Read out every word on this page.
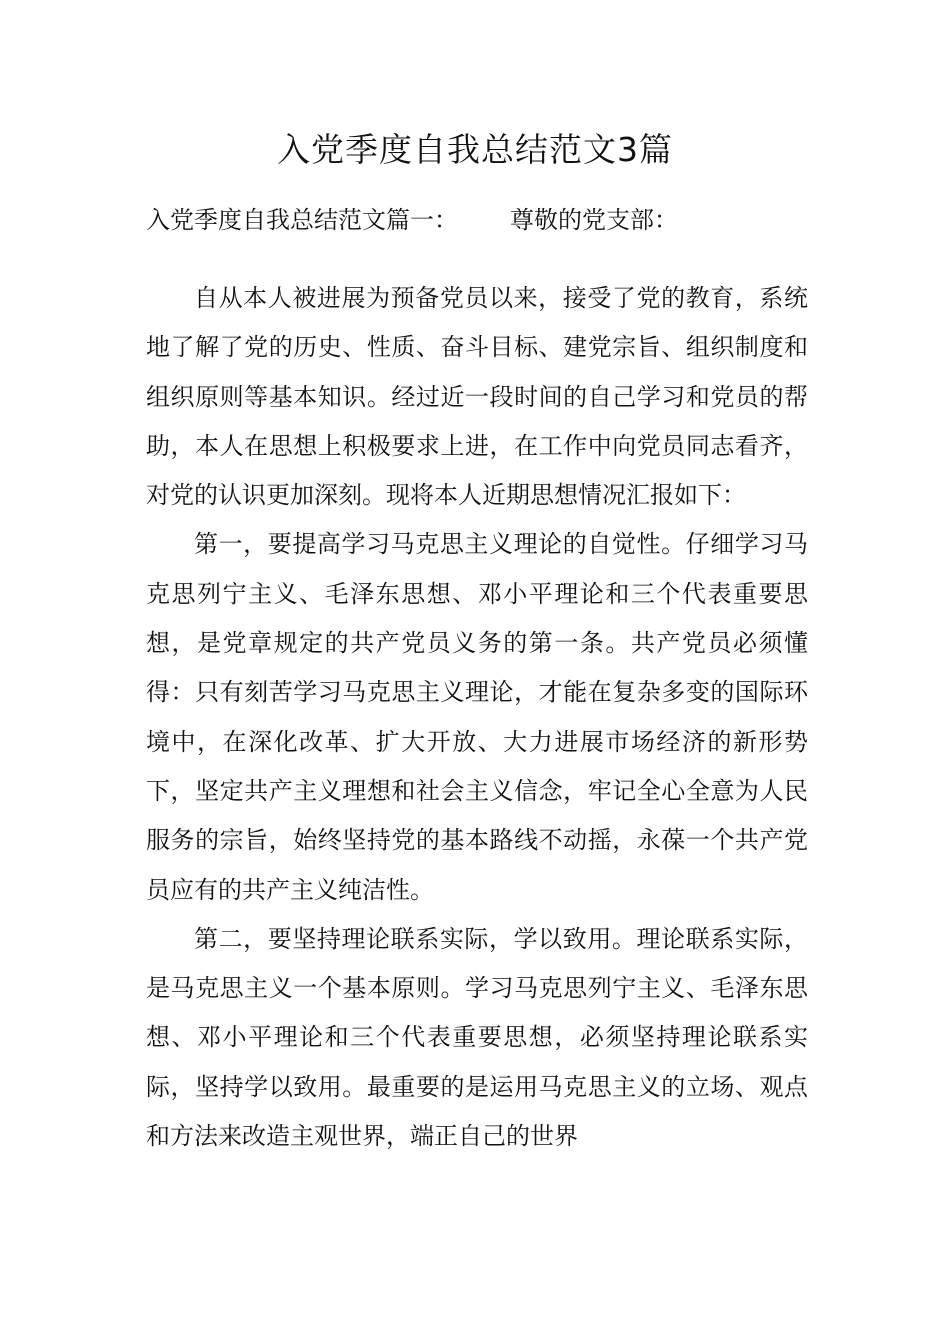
入党季度自我总结范文3篇
入党季度自我总结范文篇一： 尊敬的党支部：

自从本人被进展为预备党员以来，接受了党的教育，系统地了解了党的历史、性质、奋斗目标、建党宗旨、组织制度和组织原则等基本知识。经过近一段时间的自己学习和党员的帮助，本人在思想上积极要求上进，在工作中向党员同志看齐，对党的认识更加深刻。现将本人近期思想情况汇报如下：

第一，要提高学习马克思主义理论的自觉性。仔细学习马克思列宁主义、毛泽东思想、邓小平理论和三个代表重要思想，是党章规定的共产党员义务的第一条。共产党员必须懂得：只有刻苦学习马克思主义理论，才能在复杂多变的国际环境中，在深化改革、扩大开放、大力进展市场经济的新形势下，坚定共产主义理想和社会主义信念，牢记全心全意为人民服务的宗旨，始终坚持党的基本路线不动摇，永葆一个共产党员应有的共产主义纯洁性。

第二，要坚持理论联系实际，学以致用。理论联系实际，是马克思主义一个基本原则。学习马克思列宁主义、毛泽东思想、邓小平理论和三个代表重要思想，必须坚持理论联系实际，坚持学以致用。最重要的是运用马克思主义的立场、观点和方法来改造主观世界，端正自己的世界
